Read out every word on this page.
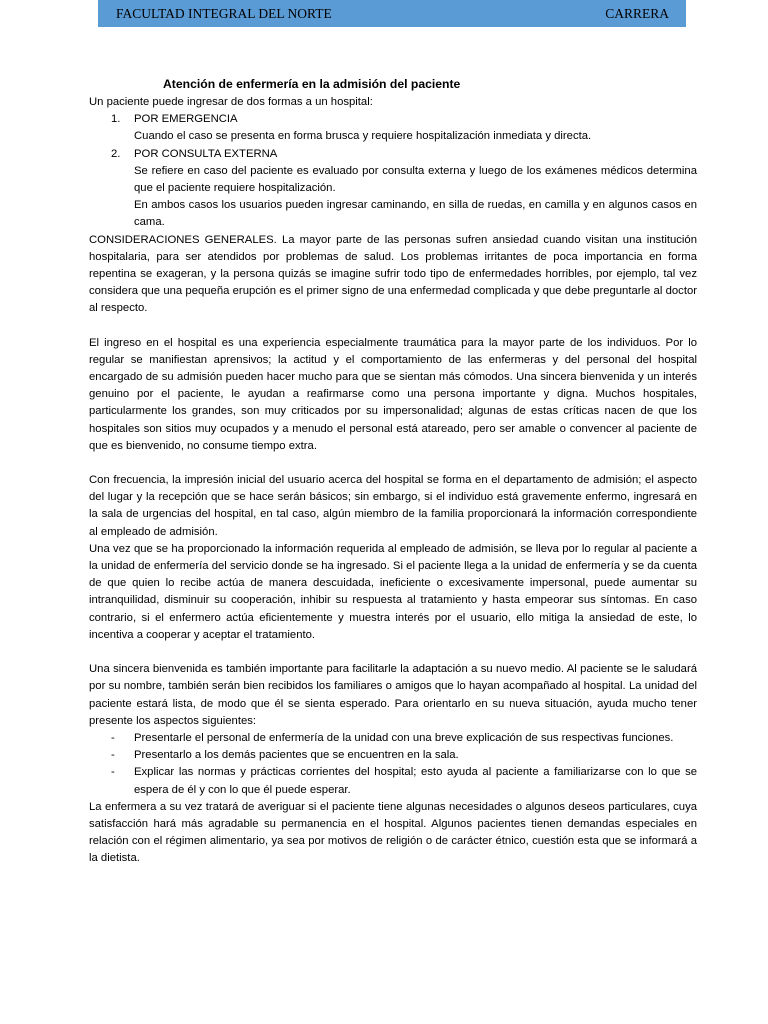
FACULTAD INTEGRAL DEL NORTE	CARRERA
Atención de enfermería en la admisión del paciente

Un paciente puede ingresar de dos formas a un hospital:

1. POR EMERGENCIA

Cuando el caso se presenta en forma brusca y requiere hospitalización inmediata y directa.

2. POR CONSULTA EXTERNA

Se refiere en caso del paciente es evaluado por consulta externa y luego de los exámenes médicos determina que el paciente requiere hospitalización.

En ambos casos los usuarios pueden ingresar caminando, en silla de ruedas, en camilla y en algunos casos en cama.

CONSIDERACIONES GENERALES. La mayor parte de las personas sufren ansiedad cuando visitan una institución hospitalaria, para ser atendidos por problemas de salud. Los problemas irritantes de poca importancia en forma repentina se exageran, y la persona quizás se imagine sufrir todo tipo de enfermedades horribles, por ejemplo, tal vez considera que una pequeña erupción es el primer signo de una enfermedad complicada y que debe preguntarle al doctor al respecto.

El ingreso en el hospital es una experiencia especialmente traumática para la mayor parte de los individuos. Por lo regular se manifiestan aprensivos; la actitud y el comportamiento de las enfermeras y del personal del hospital encargado de su admisión pueden hacer mucho para que se sientan más cómodos. Una sincera bienvenida y un interés genuino por el paciente, le ayudan a reafirmarse como una persona importante y digna. Muchos hospitales, particularmente los grandes, son muy criticados por su impersonalidad; algunas de estas críticas nacen de que los hospitales son sitios muy ocupados y a menudo el personal está atareado, pero ser amable o convencer al paciente de que es bienvenido, no consume tiempo extra.

Con frecuencia, la impresión inicial del usuario acerca del hospital se forma en el departamento de admisión; el aspecto del lugar y la recepción que se hace serán básicos; sin embargo, si el individuo está gravemente enfermo, ingresará en la sala de urgencias del hospital, en tal caso, algún miembro de la familia proporcionará la información correspondiente al empleado de admisión.

Una vez que se ha proporcionado la información requerida al empleado de admisión, se lleva por lo regular al paciente a la unidad de enfermería del servicio donde se ha ingresado. Si el paciente llega a la unidad de enfermería y se da cuenta de que quien lo recibe actúa de manera descuidada, ineficiente o excesivamente impersonal, puede aumentar su intranquilidad, disminuir su cooperación, inhibir su respuesta al tratamiento y hasta empeorar sus síntomas. En caso contrario, si el enfermero actúa eficientemente y muestra interés por el usuario, ello mitiga la ansiedad de este, lo incentiva a cooperar y aceptar el tratamiento.

Una sincera bienvenida es también importante para facilitarle la adaptación a su nuevo medio. Al paciente se le saludará por su nombre, también serán bien recibidos los familiares o amigos que lo hayan acompañado al hospital. La unidad del paciente estará lista, de modo que él se sienta esperado. Para orientarlo en su nueva situación, ayuda mucho tener presente los aspectos siguientes:

- Presentarle el personal de enfermería de la unidad con una breve explicación de sus respectivas funciones.
- Presentarlo a los demás pacientes que se encuentren en la sala.
- Explicar las normas y prácticas corrientes del hospital; esto ayuda al paciente a familiarizarse con lo que se espera de él y con lo que él puede esperar.

La enfermera a su vez tratará de averiguar si el paciente tiene algunas necesidades o algunos deseos particulares, cuya satisfacción hará más agradable su permanencia en el hospital. Algunos pacientes tienen demandas especiales en relación con el régimen alimentario, ya sea por motivos de religión o de carácter étnico, cuestión esta que se informará a la dietista.
